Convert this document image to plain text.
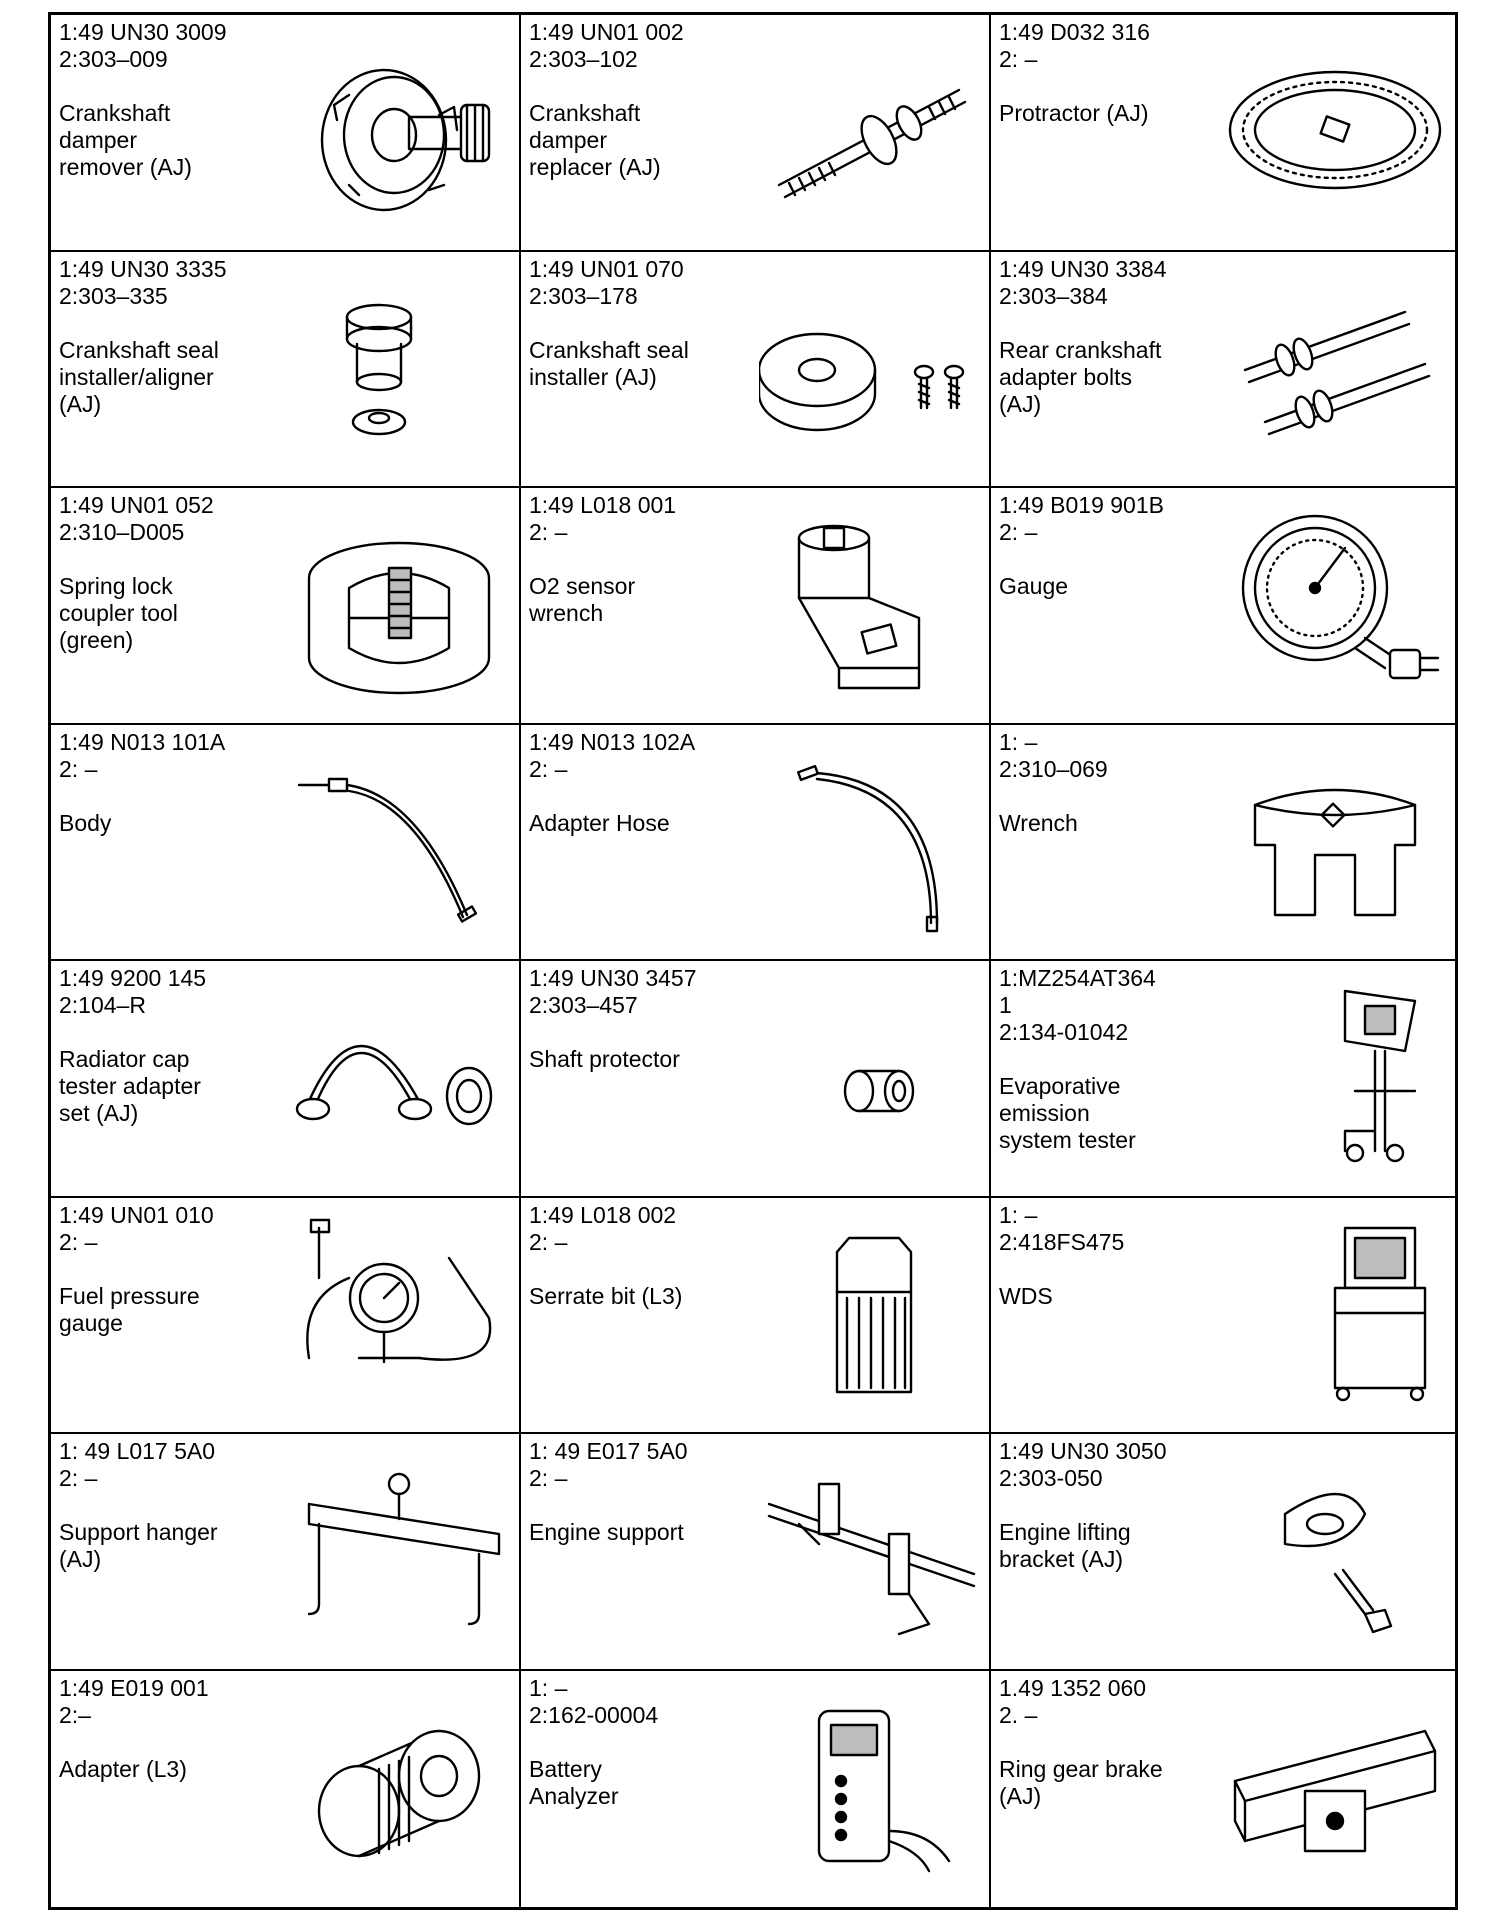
1:49 UN30 3009
2:303–009
Crankshaft
damper
remover (AJ)
1:49 UN01 002
2:303–102
Crankshaft
damper
replacer (AJ)
1:49 D032 316
2: –
Protractor (AJ)
1:49 UN30 3335
2:303–335
Crankshaft seal
installer/aligner
(AJ)
1:49 UN01 070
2:303–178
Crankshaft seal
installer (AJ)
1:49 UN30 3384
2:303–384
Rear crankshaft
adapter bolts
(AJ)
1:49 UN01 052
2:310–D005
Spring lock
coupler tool
(green)
1:49 L018 001
2: –
O2 sensor
wrench
1:49 B019 901B
2: –
Gauge
1:49 N013 101A
2: –
Body
1:49 N013 102A
2: –
Adapter Hose
1: –
2:310–069
Wrench
1:49 9200 145
2:104–R
Radiator cap
tester adapter
set (AJ)
1:49 UN30 3457
2:303–457
Shaft protector
1:MZ254AT364
1
2:134-01042
Evaporative
emission
system tester
1:49 UN01 010
2: –
Fuel pressure
gauge
1:49 L018 002
2: –
Serrate bit (L3)
1: –
2:418FS475
WDS
1: 49 L017 5A0
2: –
Support hanger
(AJ)
1: 49 E017 5A0
2: –
Engine support
1:49 UN30 3050
2:303-050
Engine lifting
bracket (AJ)
1:49 E019 001
2:–
Adapter (L3)
1: –
2:162-00004
Battery
Analyzer
1.49 1352 060
2. –
Ring gear brake
(AJ)
